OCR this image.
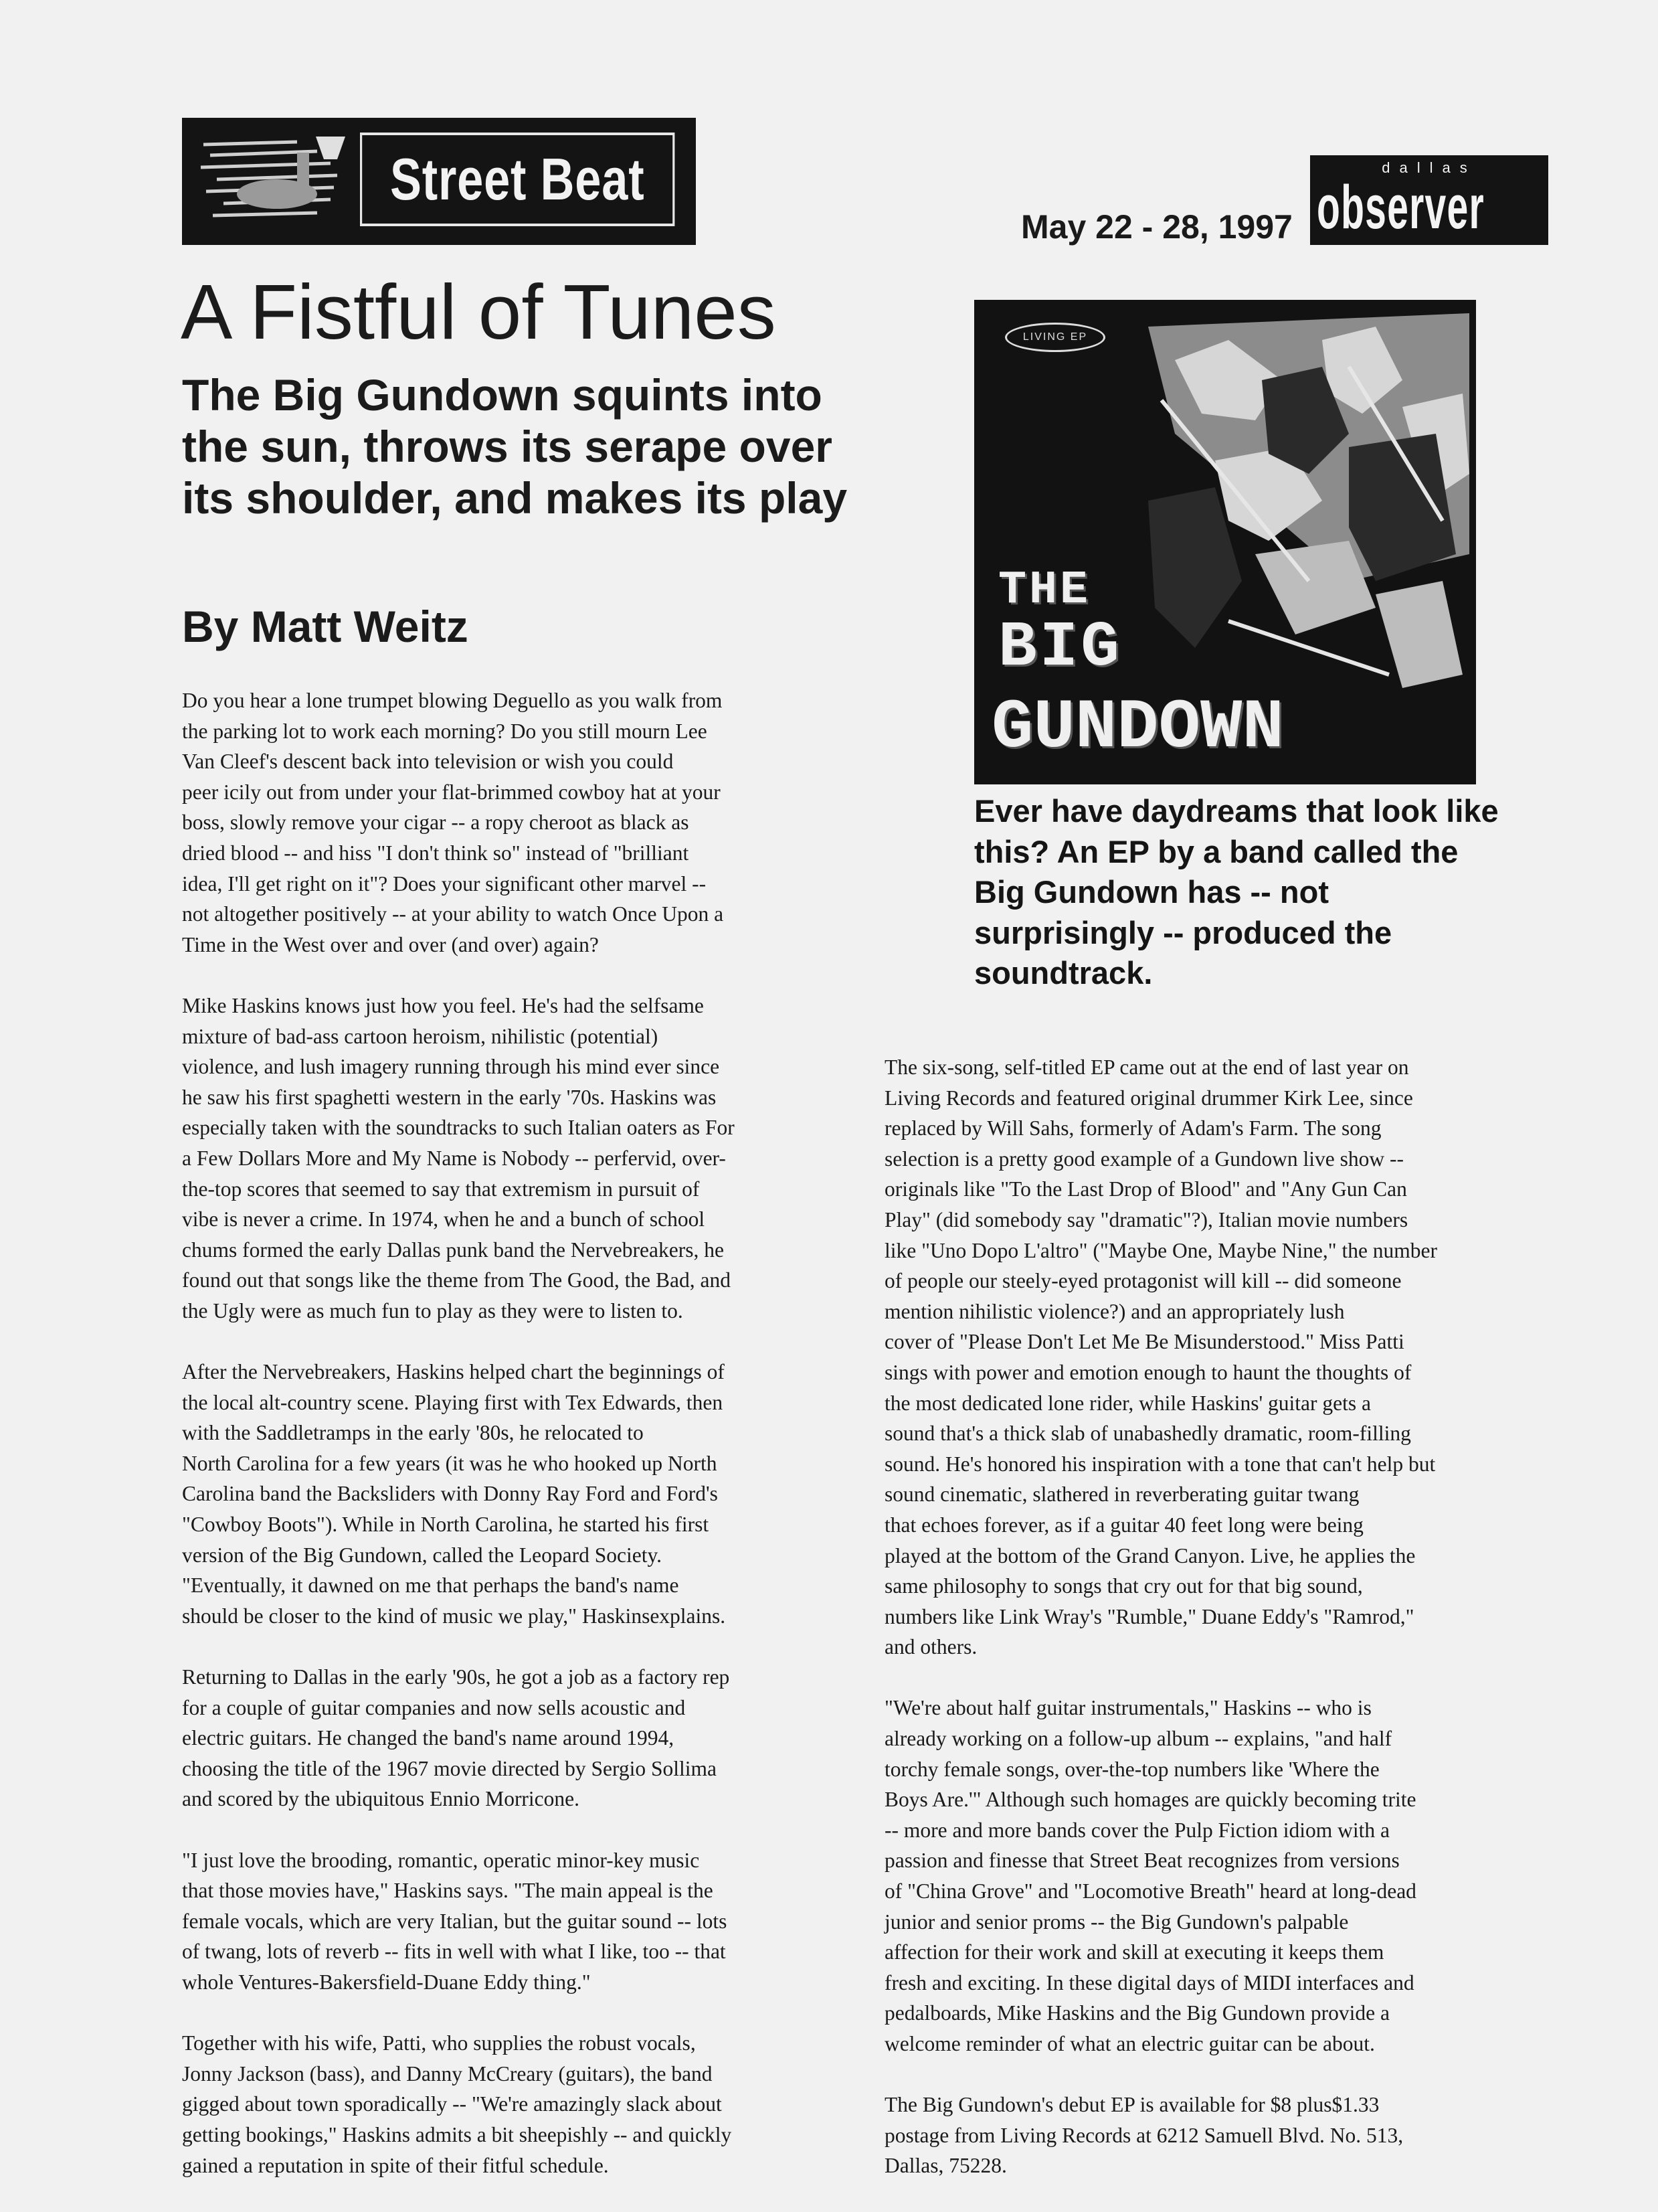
Street Beat
May 22 - 28, 1997
dallas
observer
A Fistful of Tunes
The Big Gundown squints into the sun, throws its serape over its shoulder, and makes its play
By Matt Weitz

Do you hear a lone trumpet blowing Deguello as you walk from
the parking lot to work each morning? Do you still mourn Lee
Van Cleef's descent back into television or wish you could
peer icily out from under your flat-brimmed cowboy hat at your
boss, slowly remove your cigar -- a ropy cheroot as black as
dried blood -- and hiss "I don't think so" instead of "brilliant
idea, I'll get right on it"? Does your significant other marvel --
not altogether positively -- at your ability to watch Once Upon a
Time in the West over and over (and over) again?

Mike Haskins knows just how you feel. He's had the selfsame
mixture of bad-ass cartoon heroism, nihilistic (potential)
violence, and lush imagery running through his mind ever since
he saw his first spaghetti western in the early '70s. Haskins was
especially taken with the soundtracks to such Italian oaters as For
a Few Dollars More and My Name is Nobody -- perfervid, over-
the-top scores that seemed to say that extremism in pursuit of
vibe is never a crime. In 1974, when he and a bunch of school
chums formed the early Dallas punk band the Nervebreakers, he
found out that songs like the theme from The Good, the Bad, and
the Ugly were as much fun to play as they were to listen to.

After the Nervebreakers, Haskins helped chart the beginnings of
the local alt-country scene. Playing first with Tex Edwards, then
with the Saddletramps in the early '80s, he relocated to
North Carolina for a few years (it was he who hooked up North
Carolina band the Backsliders with Donny Ray Ford and Ford's
"Cowboy Boots"). While in North Carolina, he started his first
version of the Big Gundown, called the Leopard Society.
"Eventually, it dawned on me that perhaps the band's name
should be closer to the kind of music we play," Haskinsexplains.

Returning to Dallas in the early '90s, he got a job as a factory rep
for a couple of guitar companies and now sells acoustic and
electric guitars. He changed the band's name around 1994,
choosing the title of the 1967 movie directed by Sergio Sollima
and scored by the ubiquitous Ennio Morricone.

"I just love the brooding, romantic, operatic minor-key music
that those movies have," Haskins says. "The main appeal is the
female vocals, which are very Italian, but the guitar sound -- lots
of twang, lots of reverb -- fits in well with what I like, too -- that
whole Ventures-Bakersfield-Duane Eddy thing."

Together with his wife, Patti, who supplies the robust vocals,
Jonny Jackson (bass), and Danny McCreary (guitars), the band
gigged about town sporadically -- "We're amazingly slack about
getting bookings," Haskins admits a bit sheepishly -- and quickly
gained a reputation in spite of their fitful schedule.

LIVING EP
THE
BIG
GUNDOWN

Ever have daydreams that look like this? An EP by a band called the Big Gundown has -- not surprisingly -- produced the soundtrack.

The six-song, self-titled EP came out at the end of last year on
Living Records and featured original drummer Kirk Lee, since
replaced by Will Sahs, formerly of Adam's Farm. The song
selection is a pretty good example of a Gundown live show --
originals like "To the Last Drop of Blood" and "Any Gun Can
Play" (did somebody say "dramatic"?), Italian movie numbers
like "Uno Dopo L'altro" ("Maybe One, Maybe Nine," the number
of people our steely-eyed protagonist will kill -- did someone
mention nihilistic violence?) and an appropriately lush
cover of "Please Don't Let Me Be Misunderstood." Miss Patti
sings with power and emotion enough to haunt the thoughts of
the most dedicated lone rider, while Haskins' guitar gets a
sound that's a thick slab of unabashedly dramatic, room-filling
sound. He's honored his inspiration with a tone that can't help but
sound cinematic, slathered in reverberating guitar twang
that echoes forever, as if a guitar 40 feet long were being
played at the bottom of the Grand Canyon. Live, he applies the
same philosophy to songs that cry out for that big sound,
numbers like Link Wray's "Rumble," Duane Eddy's "Ramrod,"
and others.

"We're about half guitar instrumentals," Haskins -- who is
already working on a follow-up album -- explains, "and half
torchy female songs, over-the-top numbers like 'Where the
Boys Are.'" Although such homages are quickly becoming trite
-- more and more bands cover the Pulp Fiction idiom with a
passion and finesse that Street Beat recognizes from versions
of "China Grove" and "Locomotive Breath" heard at long-dead
junior and senior proms -- the Big Gundown's palpable
affection for their work and skill at executing it keeps them
fresh and exciting. In these digital days of MIDI interfaces and
pedalboards, Mike Haskins and the Big Gundown provide a
welcome reminder of what an electric guitar can be about.

The Big Gundown's debut EP is available for $8 plus$1.33
postage from Living Records at 6212 Samuell Blvd. No. 513,
Dallas, 75228.
